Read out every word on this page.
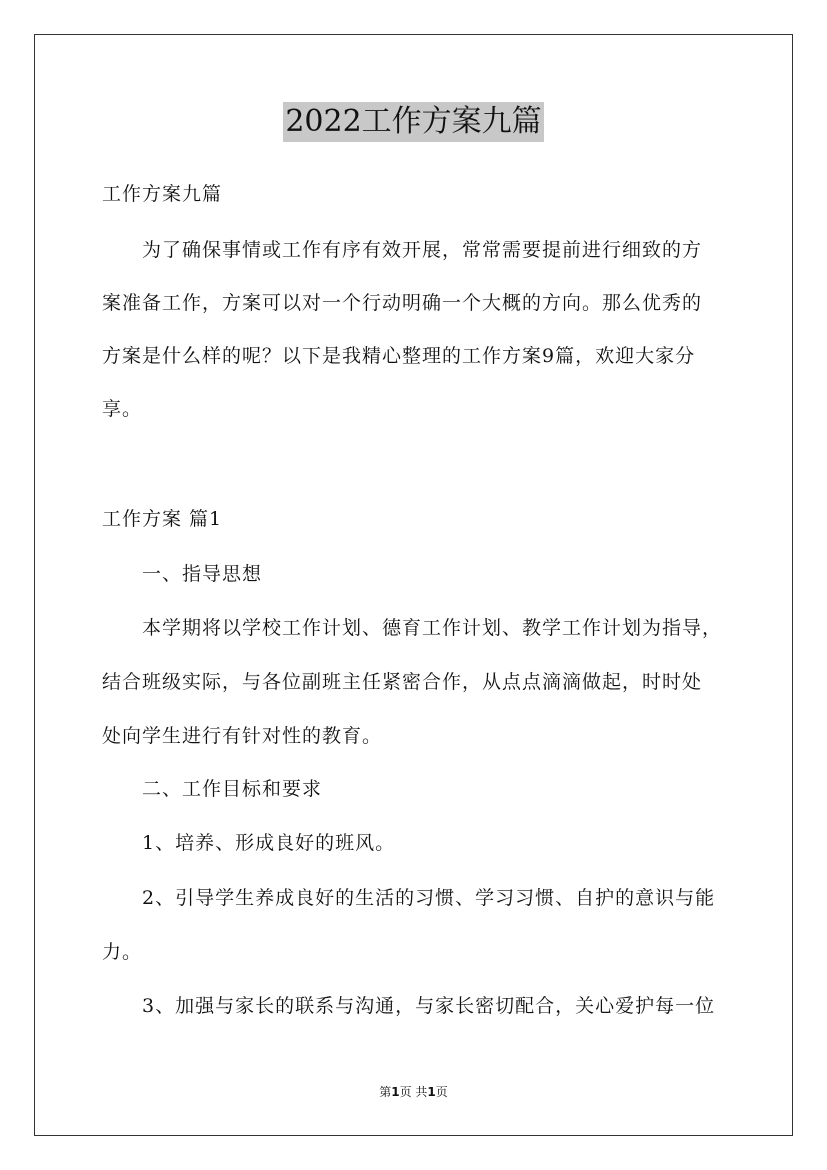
2022工作方案九篇
工作方案九篇
为了确保事情或工作有序有效开展，常常需要提前进行细致的方
案准备工作，方案可以对一个行动明确一个大概的方向。那么优秀的
方案是什么样的呢？以下是我精心整理的工作方案9篇，欢迎大家分
享。
工作方案 篇1
一、指导思想
本学期将以学校工作计划、德育工作计划、教学工作计划为指导，
结合班级实际，与各位副班主任紧密合作，从点点滴滴做起，时时处
处向学生进行有针对性的教育。
二、工作目标和要求
1、培养、形成良好的班风。
2、引导学生养成良好的生活的习惯、学习习惯、自护的意识与能
力。
3、加强与家长的联系与沟通，与家长密切配合，关心爱护每一位
第1页 共1页
